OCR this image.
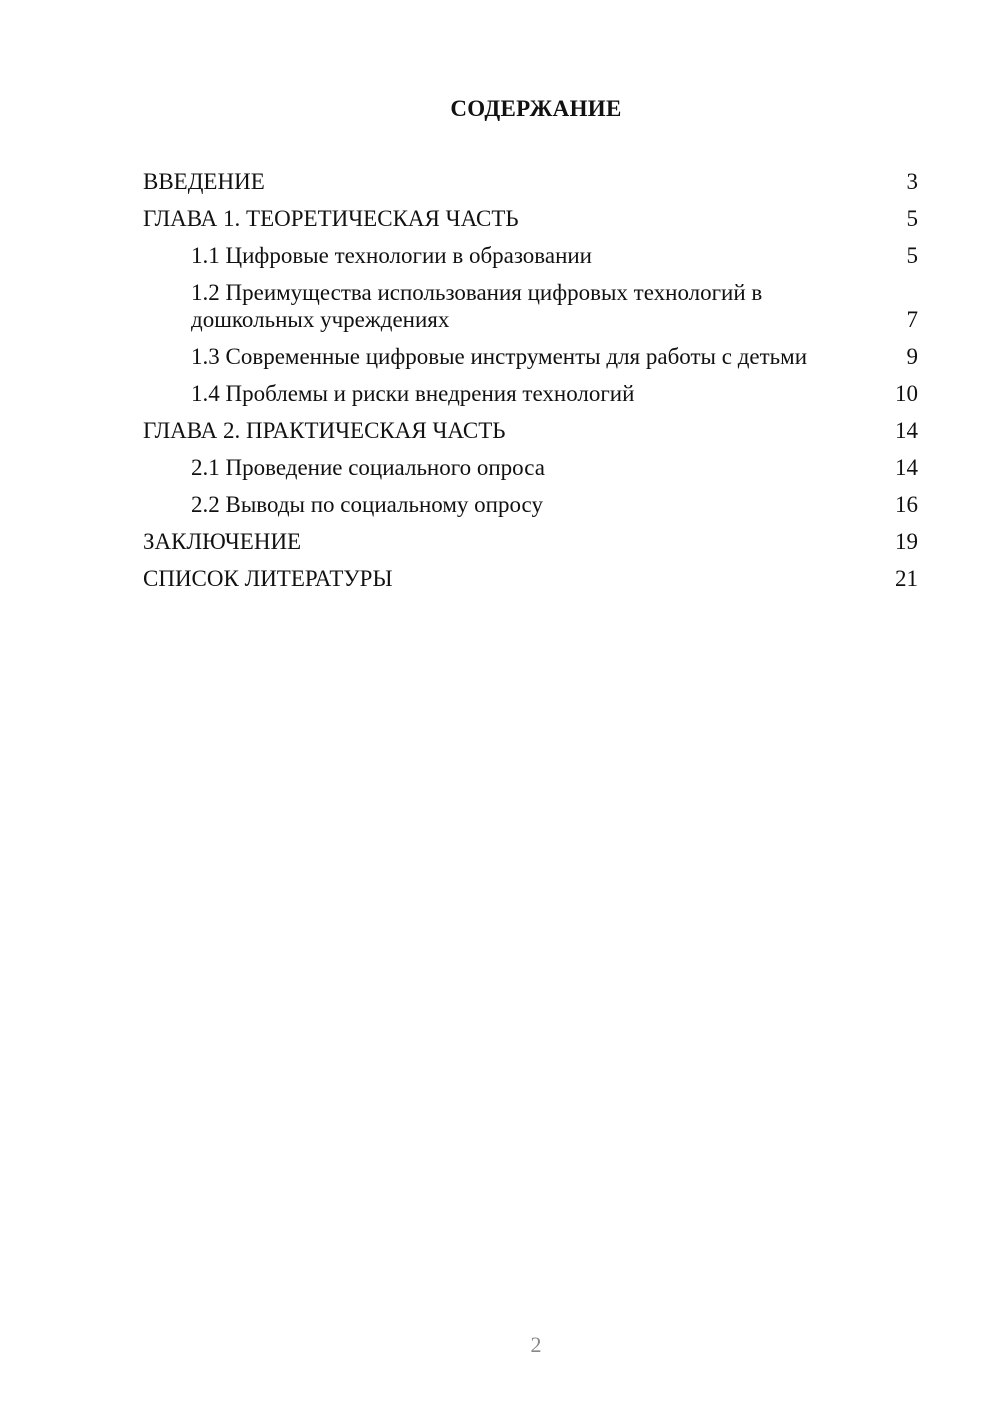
СОДЕРЖАНИЕ
ВВЕДЕНИЕ	3
ГЛАВА 1. ТЕОРЕТИЧЕСКАЯ ЧАСТЬ	5
1.1 Цифровые технологии в образовании	5
1.2 Преимущества использования цифровых технологий в дошкольных учреждениях	7
1.3 Современные цифровые инструменты для работы с детьми	9
1.4 Проблемы и риски внедрения технологий	10
ГЛАВА 2. ПРАКТИЧЕСКАЯ ЧАСТЬ	14
2.1 Проведение социального опроса	14
2.2 Выводы по социальному опросу	16
ЗАКЛЮЧЕНИЕ	19
СПИСОК ЛИТЕРАТУРЫ	21
2
